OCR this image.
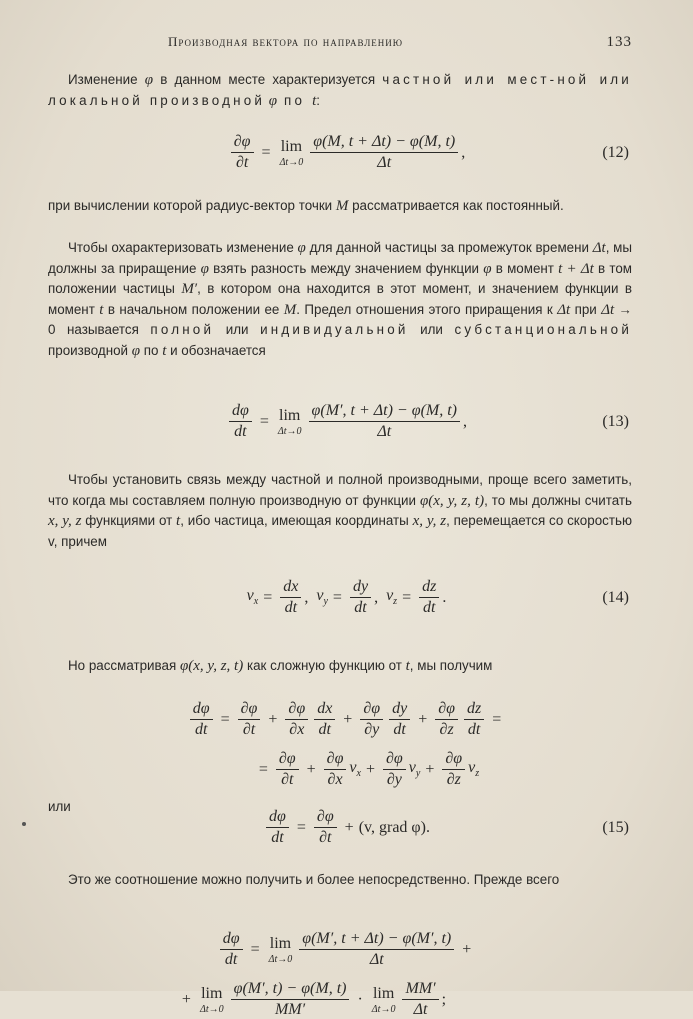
Производная вектора по направлению	133
Изменение φ в данном месте характеризуется частной или мест-ной или локальной производной φ по t:
$\frac{\partial\varphi}{\partial t} = \lim$
$\Delta t\to 0 \frac{\varphi(M, t + \Delta t) - \varphi(M, t)}{\Delta t}$ ,	(12)
при вычислении которой радиус-вектор точки M рассматривается как постоянный.
Чтобы охарактеризовать изменение φ для данной частицы за промежуток времени Δt, мы должны за приращение φ взять разность между значением функции φ в момент t + Δt в том положении частицы M′, в котором она находится в этот момент, и значением функции в момент t в начальном положении ее M. Предел отношения этого приращения к Δt при Δt → 0 называется полной или индивидуальной или субстанциональной производной φ по t и обозначается
$\frac{d\varphi}{dt} = \lim$
$\Delta t\to 0 \frac{\varphi(M', t + \Delta t) - \varphi(M, t)}{\Delta t}$ ,	(13)
Чтобы установить связь между частной и полной производными, проще всего заметить, что когда мы составляем полную производную от функции φ(x, y, z, t), то мы должны считать x, y, z функциями от t, ибо частица, имеющая координаты x, y, z, перемещается со скоростью v, причем
$v_x = \frac{dx}{dt}$ ,
$v_y = \frac{dy}{dt}$ ,
$v_z = \frac{dz}{dt}$ .	(14)
Но рассматривая φ(x, y, z, t) как сложную функцию от t, мы получим
$\frac{d\varphi}{dt} = \frac{\partial\varphi}{\partial t} + \frac{\partial\varphi}{\partial x} \frac{dx}{dt} + \frac{\partial\varphi}{\partial y} \frac{dy}{dt} + \frac{\partial\varphi}{\partial z} \frac{dz}{dt}$ =
= $\frac{\partial\varphi}{\partial t} + \frac{\partial\varphi}{\partial x} v_x + \frac{\partial\varphi}{\partial y} v_y + \frac{\partial\varphi}{\partial z} v_z$
или
$\frac{d\varphi}{dt} = \frac{\partial\varphi}{\partial t} + (v$, grad φ).	(15)
Это же соотношение можно получить и более непосредственно. Прежде всего
$\frac{d\varphi}{dt} = \lim$
$\Delta t\to 0 \frac{\varphi(M', t + \Delta t) - \varphi(M', t)}{\Delta t}$ +
+ lim
$\Delta t\to 0 \frac{\varphi(M', t) - \varphi(M, t)}{MM'} \cdot \lim$
$\Delta t\to 0 \frac{MM'}{\Delta t}$ ;
